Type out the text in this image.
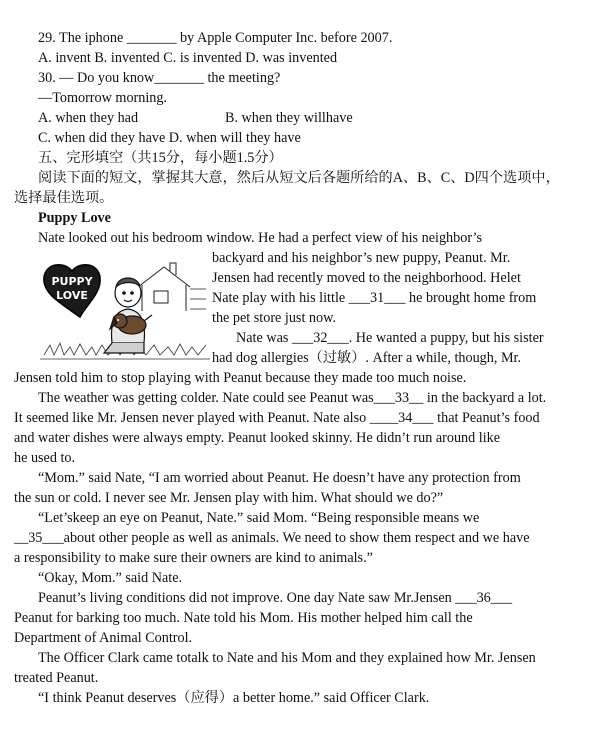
29. The iphone _______ by Apple Computer Inc. before 2007.
A. invent B. invented C. is invented D. was invented
30. — Do you know_______ the meeting?
—Tomorrow morning.
A. when they had	B. when they willhave
C. when did they have D. when will they have
五、完形填空（共15分，每小题1.5分）
阅读下面的短文，掌握其大意，然后从短文后各题所给的A、B、C、D四个选项中，
选择最佳选项。
Puppy Love
Nate looked out his bedroom window. He had a perfect view of his neighbor’s
backyard and his neighbor’s new puppy, Peanut. Mr.
Jensen had recently moved to the neighborhood. Helet
Nate play with his little ___31___ he brought home from
the pet store just now.
Nate was ___32___. He wanted a puppy, but his sister
had dog allergies（过敏）. After a while, though, Mr.
Jensen told him to stop playing with Peanut because they made too much noise.
The weather was getting colder. Nate could see Peanut was___33__ in the backyard a lot.
It seemed like Mr. Jensen never played with Peanut. Nate also ____34___ that Peanut’s food
and water dishes were always empty. Peanut looked skinny. He didn’t run around like
he used to.
“Mom.” said Nate, “I am worried about Peanut. He doesn’t have any protection from
the sun or cold. I never see Mr. Jensen play with him. What should we do?”
“Let’skeep an eye on Peanut, Nate.” said Mom. “Being responsible means we
__35___about other people as well as animals. We need to show them respect and we have
a responsibility to make sure their owners are kind to animals.”
“Okay, Mom.” said Nate.
Peanut’s living conditions did not improve. One day Nate saw Mr.Jensen ___36___
Peanut for barking too much. Nate told his Mom. His mother helped him call the
Department of Animal Control.
The Officer Clark came totalk to Nate and his Mom and they explained how Mr. Jensen
treated Peanut.
“I think Peanut deserves（应得）a better home.” said Officer Clark.
PUPPY
LOVE
